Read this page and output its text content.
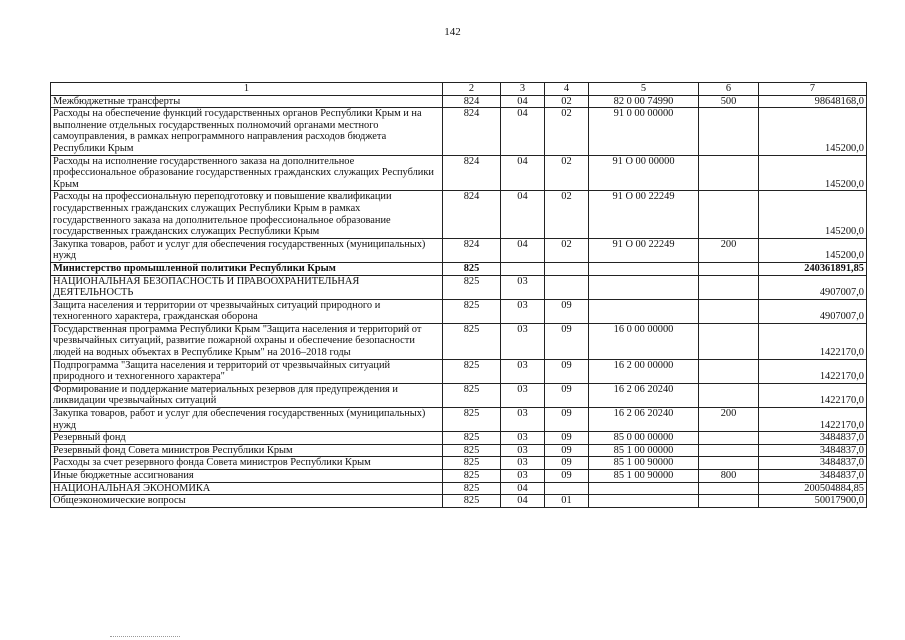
142
1	2	3	4	5	6	7
Межбюджетные трансферты	824	04	02	82 0 00 74990	500	98648168,0
Расходы на обеспечение функций государственных органов Республики Крым и на выполнение отдельных государственных полномочий органами местного самоуправления, в рамках непрограммного направления расходов бюджета Республики Крым	824	04	02	91 0 00 00000		145200,0
Расходы на исполнение государственного заказа на дополнительное профессиональное образование государственных гражданских служащих Республики Крым	824	04	02	91 О 00 00000		145200,0
Расходы на профессиональную переподготовку и повышение квалификации государственных гражданских служащих Республики Крым в рамках государственного заказа на дополнительное профессиональное образование государственных гражданских служащих Республики Крым	824	04	02	91 О 00 22249		145200,0
Закупка товаров, работ и услуг для обеспечения государственных (муниципальных) нужд	824	04	02	91 О 00 22249	200	145200,0
Министерство промышленной политики Республики Крым	825					240361891,85
НАЦИОНАЛЬНАЯ БЕЗОПАСНОСТЬ И ПРАВООХРАНИТЕЛЬНАЯ ДЕЯТЕЛЬНОСТЬ	825	03				4907007,0
Защита населения и территории от чрезвычайных ситуаций природного и техногенного характера, гражданская оборона	825	03	09			4907007,0
Государственная программа Республики Крым "Защита населения и территорий от чрезвычайных ситуаций, развитие пожарной охраны и обеспечение безопасности людей на водных объектах в Республике Крым" на 2016–2018 годы	825	03	09	16 0 00 00000		1422170,0
Подпрограмма "Защита населения и территорий от чрезвычайных ситуаций природного и техногенного характера"	825	03	09	16 2 00 00000		1422170,0
Формирование и поддержание материальных резервов для предупреждения и ликвидации чрезвычайных ситуаций	825	03	09	16 2 06 20240		1422170,0
Закупка товаров, работ и услуг для обеспечения государственных (муниципальных) нужд	825	03	09	16 2 06 20240	200	1422170,0
Резервный фонд	825	03	09	85 0 00 00000		3484837,0
Резервный фонд Совета министров Республики Крым	825	03	09	85 1 00 00000		3484837,0
Расходы за счет резервного фонда Совета министров Республики Крым	825	03	09	85 1 00 90000		3484837,0
Иные бюджетные ассигнования	825	03	09	85 1 00 90000	800	3484837,0
НАЦИОНАЛЬНАЯ ЭКОНОМИКА	825	04				200504884,85
Общеэкономические вопросы	825	04	01			50017900,0
